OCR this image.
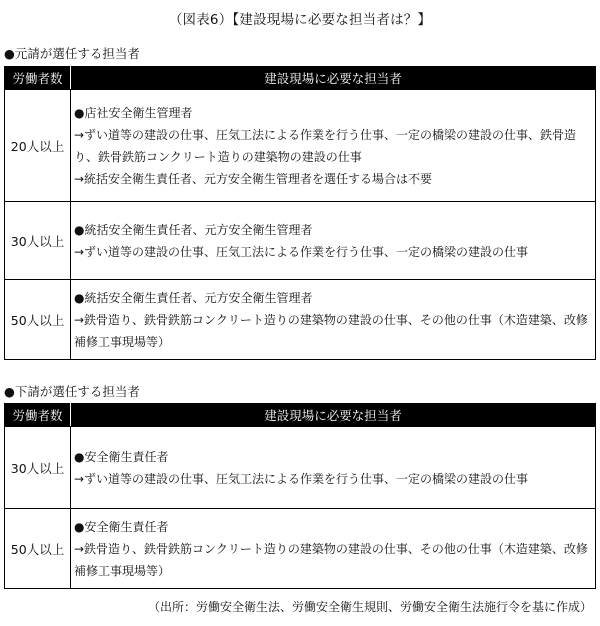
（図表6）【建設現場に必要な担当者は？】
●元請が選任する担当者
労働者数	建設現場に必要な担当者
20人以上	●店社安全衛生管理者
→ずい道等の建設の仕事、圧気工法による作業を行う仕事、一定の橋梁の建設の仕事、鉄骨造り、鉄骨鉄筋コンクリート造りの建築物の建設の仕事
→統括安全衛生責任者、元方安全衛生管理者を選任する場合は不要

30人以上	●統括安全衛生責任者、元方安全衛生管理者
→ずい道等の建設の仕事、圧気工法による作業を行う仕事、一定の橋梁の建設の仕事

50人以上	●統括安全衛生責任者、元方安全衛生管理者
→鉄骨造り、鉄骨鉄筋コンクリート造りの建築物の建設の仕事、その他の仕事（木造建築、改修補修工事現場等）
●下請が選任する担当者
労働者数	建設現場に必要な担当者
30人以上	●安全衛生責任者
→ずい道等の建設の仕事、圧気工法による作業を行う仕事、一定の橋梁の建設の仕事

50人以上	●安全衛生責任者
→鉄骨造り、鉄骨鉄筋コンクリート造りの建築物の建設の仕事、その他の仕事（木造建築、改修補修工事現場等）
（出所：労働安全衛生法、労働安全衛生規則、労働安全衛生法施行令を基に作成）
